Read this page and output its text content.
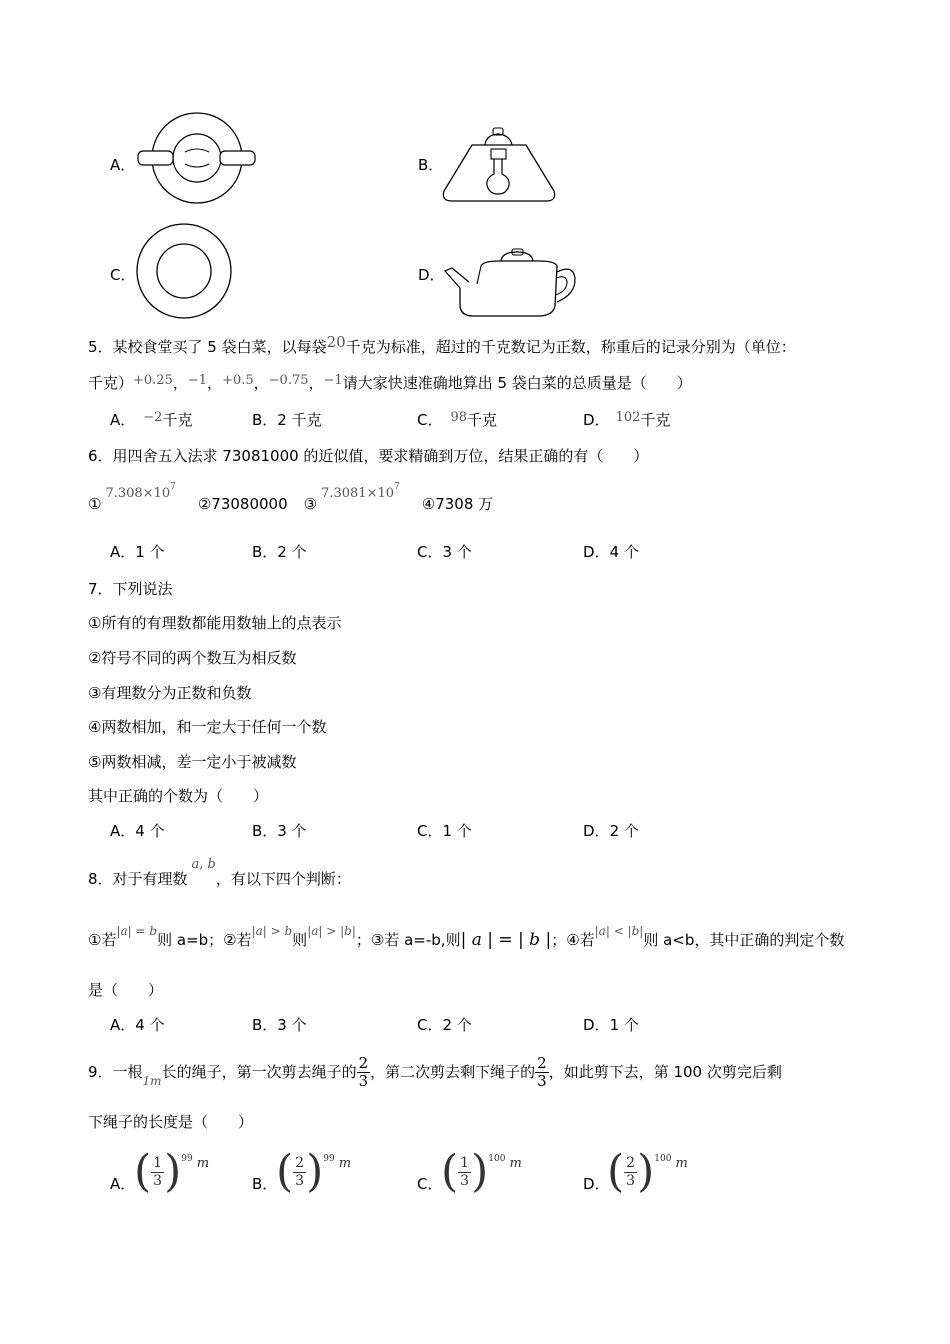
A．	B．
C．	D．
5．某校食堂买了 5 袋白菜，以每袋20千克为标准，超过的千克数记为正数，称重后的记录分别为（单位：
千克）+0.25，−1，+0.5，−0.75，−1请大家快速准确地算出 5 袋白菜的总质量是（　　）
A． −2千克	B．2 千克	C． 98千克	D． 102千克
6．用四舍五入法求 73081000 的近似值，要求精确到万位，结果正确的有（　　）
$①7.308\times 10^7②73080000$ $③7.3081\times 10^7④7308$ 万
A．1 个	B．2 个	C．3 个	D．4 个
7．下列说法
①所有的有理数都能用数轴上的点表示
②符号不同的两个数互为相反数
③有理数分为正数和负数
④两数相加，和一定大于任何一个数
⑤两数相减，差一定小于被减数
其中正确的个数为（　　）
A．4 个	B．3 个	C．1 个	D．2 个
8．对于有理数a, b，有以下四个判断：
①若$^{|a| = b}$则 a=b；②若$^{|a| > b}$则$^{|a| > |b|}$；③若 a=-b,则| a | = | b |；④若$^{|a| < |b|}$则 a<b，其中正确的判定个数
是（　　）
A．4 个	B．3 个	C．2 个	D．1 个
9．一根$_{1m}$长的绳子，第一次剪去绳子的 $\frac{2}{3}$ ，第二次剪去剩下绳子的 $\frac{2}{3}$ ，如此剪下去，第 100 次剪完后剩
下绳子的长度是（　　）
A．
( $\frac{1}{3} )^{99}$ $^m$
B．
( $\frac{2}{3} )^{99}$ $^m$
C．
( $\frac{1}{3} )^{100}$ $^m$
D．
( $\frac{2}{3} )^{100}$ $^m$
